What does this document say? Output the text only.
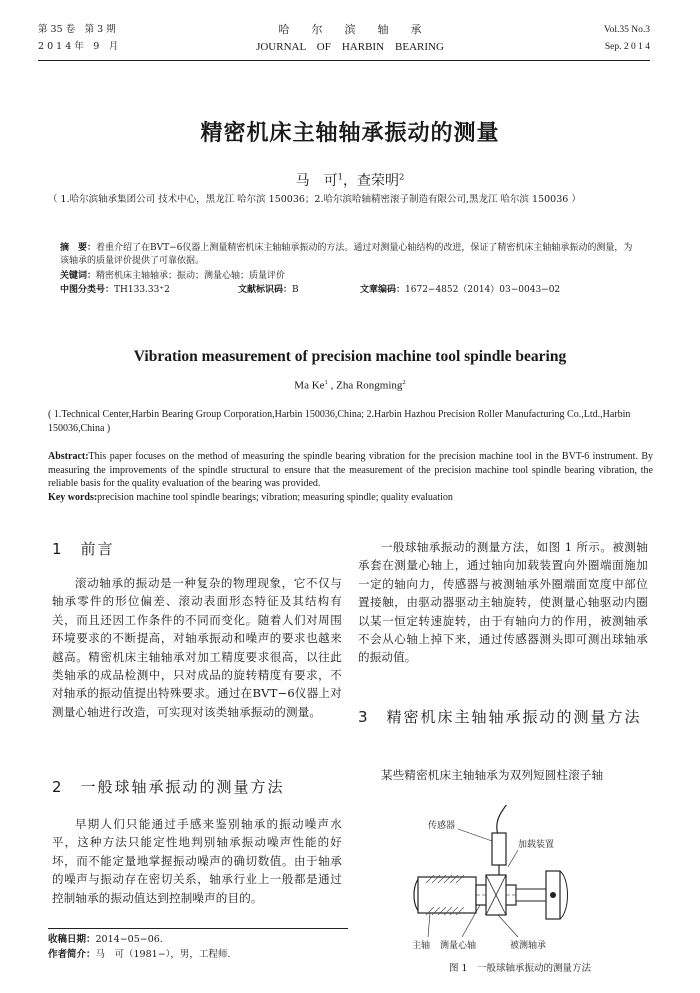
第 35 卷　第 3 期
2 0 1 4 年　9　月
哈　　尔　　滨　　轴　　承
JOURNAL　OF　HARBIN　BEARING
Vol.35 No.3
Sep. 2 0 1 4
精密机床主轴轴承振动的测量
马　可$^1$，查荣明$^2$
（ 1.哈尔滨轴承集团公司 技术中心，黑龙江 哈尔滨 150036；2.哈尔滨哈轴精密滚子制造有限公司,黑龙江 哈尔滨 150036 ）
摘　要：着重介绍了在BVT−6仪器上测量精密机床主轴轴承振动的方法。通过对测量心轴结构的改进，保证了精密机床主轴轴承振动的测量，为该轴承的质量评价提供了可靠依据。
关键词：精密机床主轴轴承；振动；测量心轴；质量评价
中图分类号：TH133.33⁺2	文献标识码：B	文章编码：1672−4852（2014）03−0043−02
Vibration measurement of precision machine tool spindle bearing
Ma Ke$^1$ , Zha Rongming$^2$
( 1.Technical Center,Harbin Bearing Group Corporation,Harbin 150036,China; 2.Harbin Hazhou Precision Roller Manufacturing Co.,Ltd.,Harbin 150036,China )
Abstract:This paper focuses on the method of measuring the spindle bearing vibration for the precision machine tool in the BVT-6 instrument. By measuring the improvements of the spindle structural to ensure that the measurement of the precision machine tool spindle bearing vibration, the reliable basis for the quality evaluation of the bearing was provided.
Key words:precision machine tool spindle bearings; vibration; measuring spindle; quality evaluation
1　前言
滚动轴承的振动是一种复杂的物理现象，它不仅与轴承零件的形位偏差、滚动表面形态特征及其结构有关，而且还因工作条件的不同而变化。随着人们对周围环境要求的不断提高，对轴承振动和噪声的要求也越来越高。精密机床主轴轴承对加工精度要求很高，以往此类轴承的成品检测中，只对成品的旋转精度有要求，不对轴承的振动值提出特殊要求。通过在BVT−6仪器上对测量心轴进行改造，可实现对该类轴承振动的测量。
2　一般球轴承振动的测量方法
早期人们只能通过手感来鉴别轴承的振动噪声水平，这种方法只能定性地判别轴承振动噪声性能的好坏，而不能定量地掌握振动噪声的确切数值。由于轴承的噪声与振动存在密切关系，轴承行业上一般都是通过控制轴承的振动值达到控制噪声的目的。
一般球轴承振动的测量方法，如图 1 所示。被测轴承套在测量心轴上，通过轴向加载装置向外圈端面施加一定的轴向力，传感器与被测轴承外圈端面宽度中部位置接触，由驱动器驱动主轴旋转，使测量心轴驱动内圈以某一恒定转速旋转，由于有轴向力的作用，被测轴承不会从心轴上掉下来，通过传感器测头即可测出球轴承的振动值。
3　精密机床主轴轴承振动的测量方法
某些精密机床主轴轴承为双列短圆柱滚子轴
传感器
加载装置
主轴 测量心轴	被测轴承
图 1　一般球轴承振动的测量方法
收稿日期：2014−05−06.
作者简介：马　可（1981−），男，工程师.
